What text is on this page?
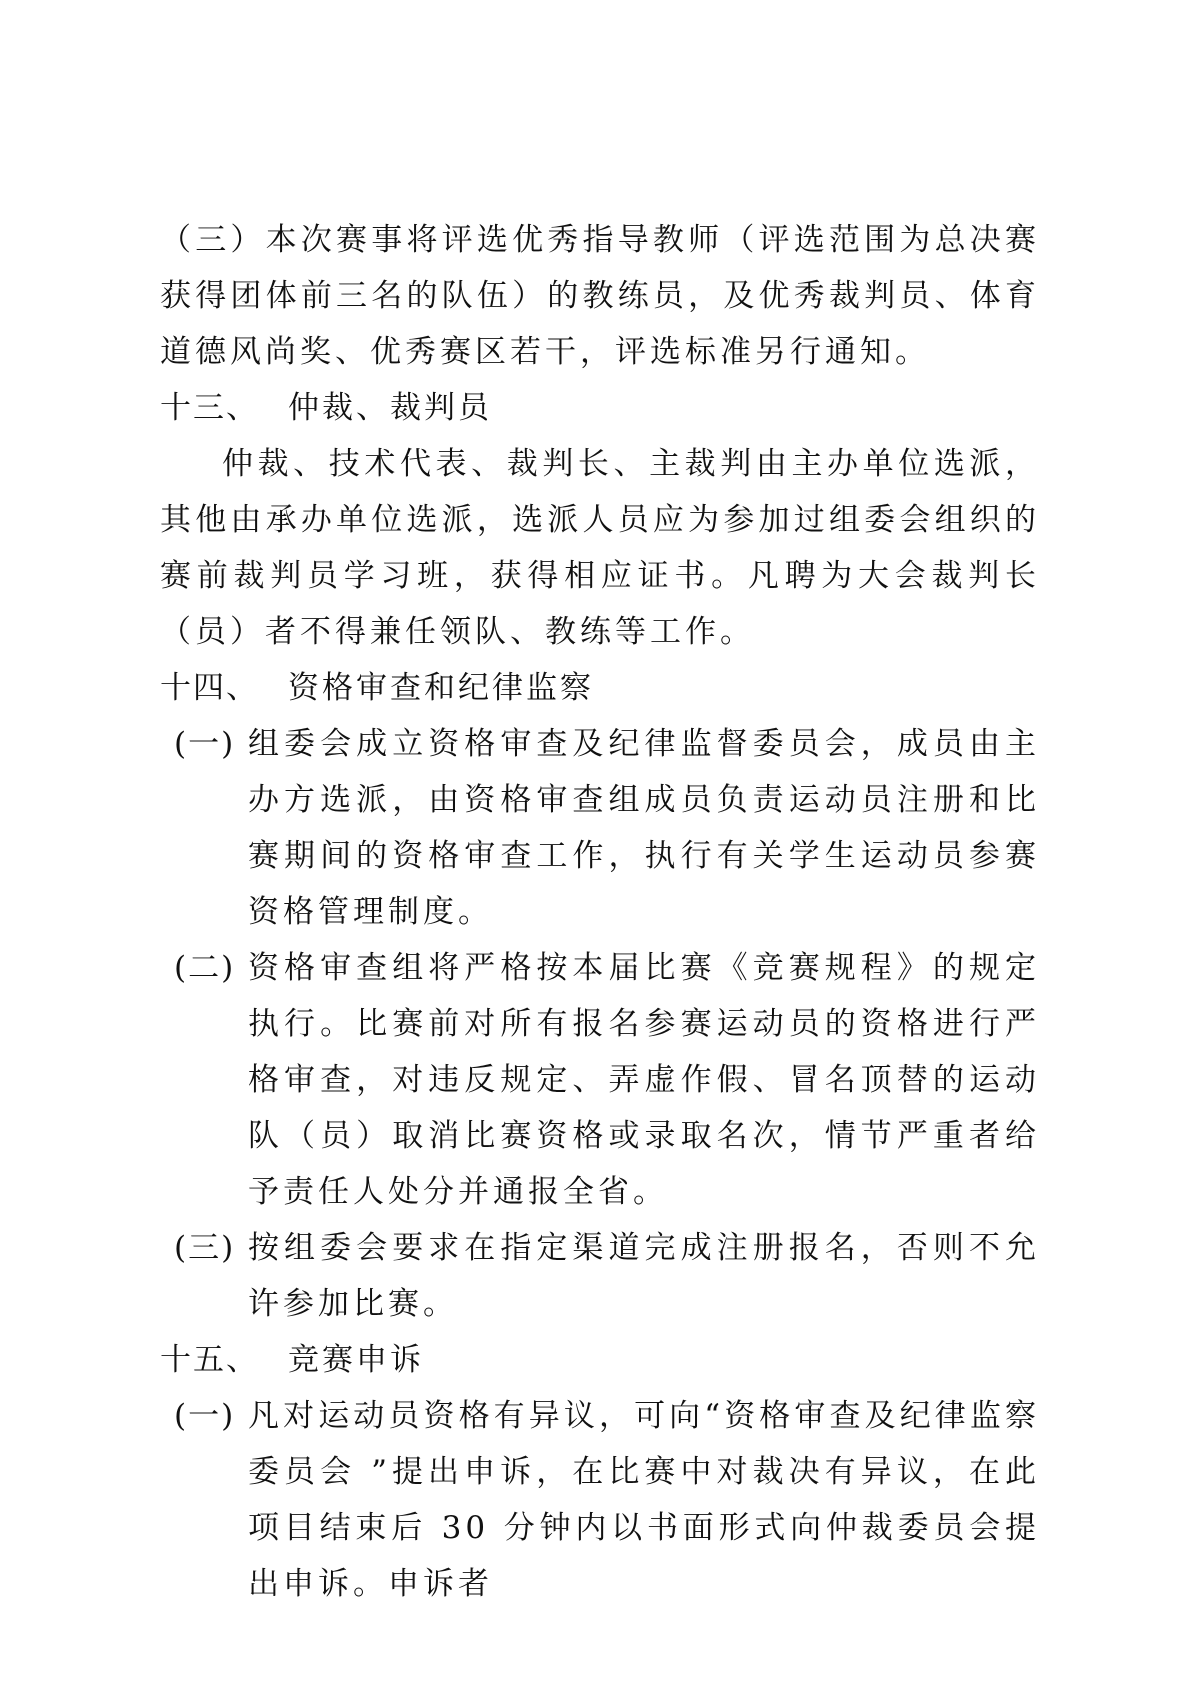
（三）本次赛事将评选优秀指导教师（评选范围为总决赛获得团体前三名的队伍）的教练员，及优秀裁判员、体育道德风尚奖、优秀赛区若干，评选标准另行通知。

十三、 仲裁、裁判员

仲裁、技术代表、裁判长、主裁判由主办单位选派，其他由承办单位选派，选派人员应为参加过组委会组织的赛前裁判员学习班，获得相应证书。凡聘为大会裁判长（员）者不得兼任领队、教练等工作。

十四、 资格审查和纪律监察
(一) 组委会成立资格审查及纪律监督委员会，成员由主办方选派，由资格审查组成员负责运动员注册和比赛期间的资格审查工作，执行有关学生运动员参赛资格管理制度。
(二) 资格审查组将严格按本届比赛《竞赛规程》的规定执行。比赛前对所有报名参赛运动员的资格进行严格审查，对违反规定、弄虚作假、冒名顶替的运动队（员）取消比赛资格或录取名次，情节严重者给予责任人处分并通报全省。
(三) 按组委会要求在指定渠道完成注册报名，否则不允许参加比赛。
十五、 竞赛申诉
(一) 凡对运动员资格有异议，可向“资格审查及纪律监察委员会 ”提出申诉，在比赛中对裁决有异议，在此项目结束后 30 分钟内以书面形式向仲裁委员会提出申诉。申诉者
